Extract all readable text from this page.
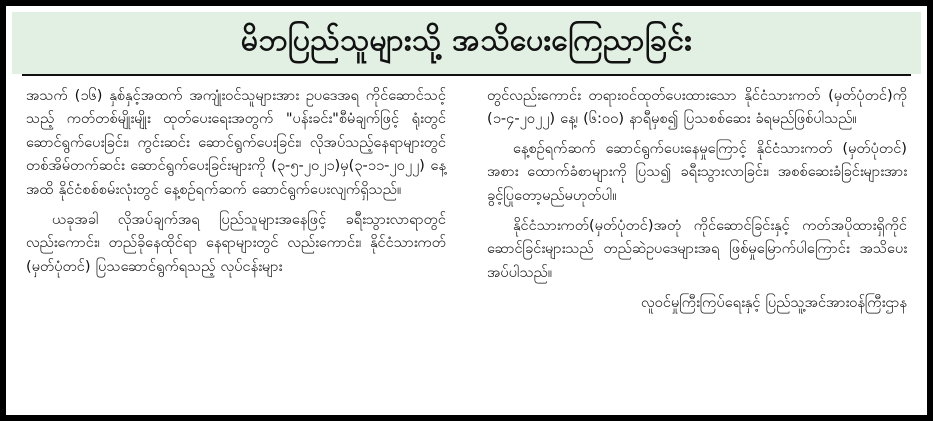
မိဘပြည်သူများသို့ အသိပေးကြေညာခြင်း

အသက် (၁၆) နှစ်နှင့်အထက် အကျုံးဝင်သူများအား ဥပဒေအရ ကိုင်ဆောင်သင့်သည့် ကတ်တစ်မျိုးမျိုး ထုတ်ပေးရေးအတွက် "ပန်းခင်း"စီမံချက်ဖြင့် ရုံးတွင်ဆောင်ရွက်ပေးခြင်း၊ ကွင်းဆင်း ဆောင်ရွက်ပေးခြင်း၊ လိုအပ်သည့်နေရာများတွင် တစ်အိမ်တက်ဆင်း ဆောင်ရွက်ပေးခြင်းများကို (၃-၅-၂၀၂၁)မှ(၃-၁၁-၂၀၂၂) နေ့အထိ နိုင်ငံစစ်စမ်းလုံးတွင် နေ့စဉ်ရက်ဆက် ဆောင်ရွက်ပေးလျက်ရှိသည်။

ယခုအခါ လိုအပ်ချက်အရ ပြည်သူများအနေဖြင့် ခရီးသွားလာရာတွင် လည်းကောင်း၊ တည်ခိုနေထိုင်ရာ နေရာများတွင် လည်းကောင်း၊ နိုင်ငံသားကတ် (မှတ်ပုံတင်) ပြသဆောင်ရွက်ရသည့် လုပ်ငန်းများ

တွင်လည်းကောင်း တရားဝင်ထုတ်ပေးထားသော နိုင်ငံသားကတ် (မှတ်ပုံတင်)ကို (၁-၄-၂၀၂၂) နေ့၊ (၆:၀၀) နာရီမှစ၍ ပြသစစ်ဆေး ခံရမည်ဖြစ်ပါသည်။

နေ့စဉ်ရက်ဆက် ဆောင်ရွက်ပေးနေမှုကြောင့် နိုင်ငံသားကတ် (မှတ်ပုံတင်) အစား ထောက်ခံစာများကို ပြသ၍ ခရီးသွားလာခြင်း၊ အစစ်ဆေးခံခြင်းများအား ခွင့်ပြုတော့မည်မဟုတ်ပါ။

နိုင်ငံသားကတ်(မှတ်ပုံတင်)အတုံ ကိုင်ဆောင်ခြင်းနှင့် ကတ်အပိုထားရှိကိုင်ဆောင်ခြင်းများသည် တည်ဆဲဥပဒေများအရ ဖြစ်မှုမြောက်ပါကြောင်း အသိပေးအပ်ပါသည်။

လူဝင်မှုကြီးကြပ်ရေးနှင့် ပြည်သူ့အင်အားဝန်ကြီးဌာန
